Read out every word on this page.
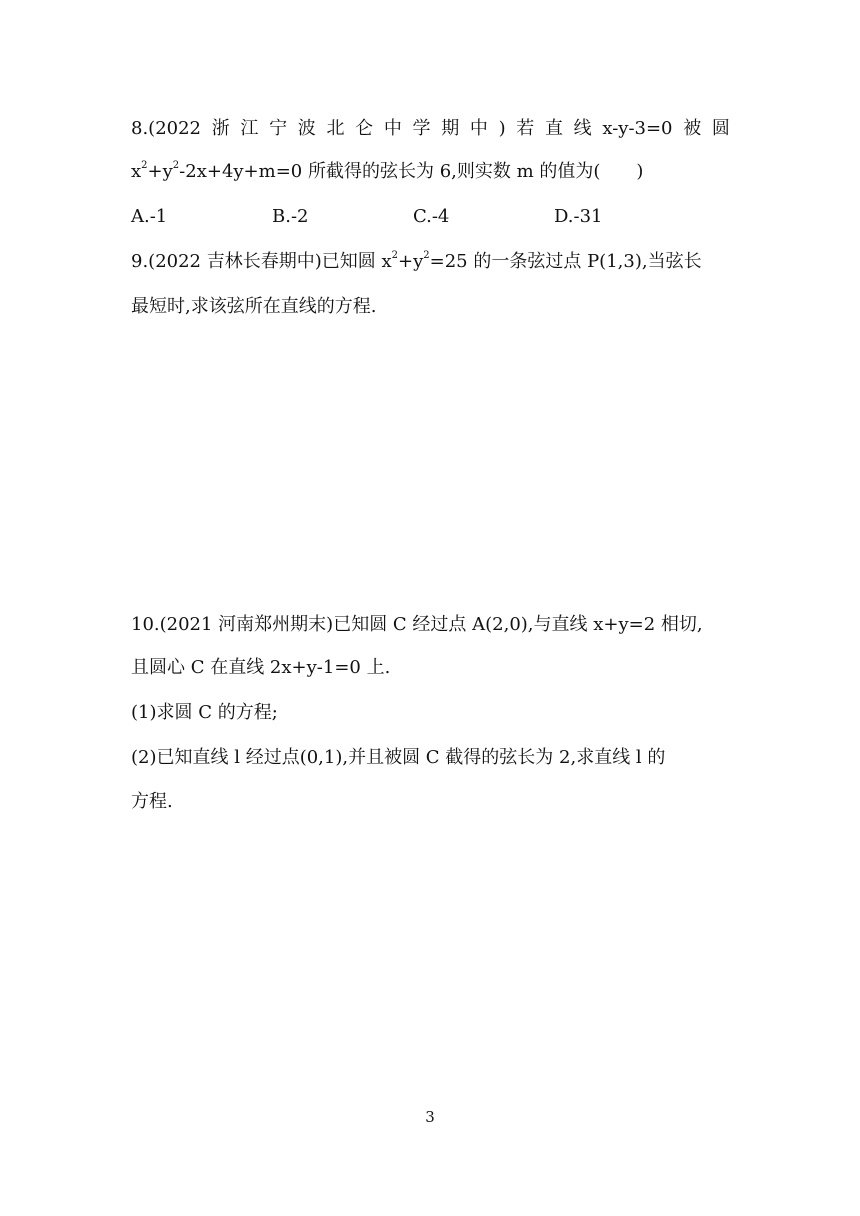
8.(2022 浙 江 宁 波 北 仑 中 学 期 中 ) 若 直 线 x-y-3=0 被 圆
$x^2+y^2-2x+4y+m=0$ 所截得的弦长为 6,则实数 m 的值为(　　)
A.-1	B.-2	C.-4	D.-31
9.(2022 吉林长春期中)已知圆 $x^2+y^2=25$ 的一条弦过点 P(1,3),当弦长
最短时,求该弦所在直线的方程.
10.(2021 河南郑州期末)已知圆 C 经过点 A(2,0),与直线 x+y=2 相切,
且圆心 C 在直线 2x+y-1=0 上.
(1)求圆 C 的方程;
(2)已知直线 l 经过点(0,1),并且被圆 C 截得的弦长为 2,求直线 l 的
方程.
3
